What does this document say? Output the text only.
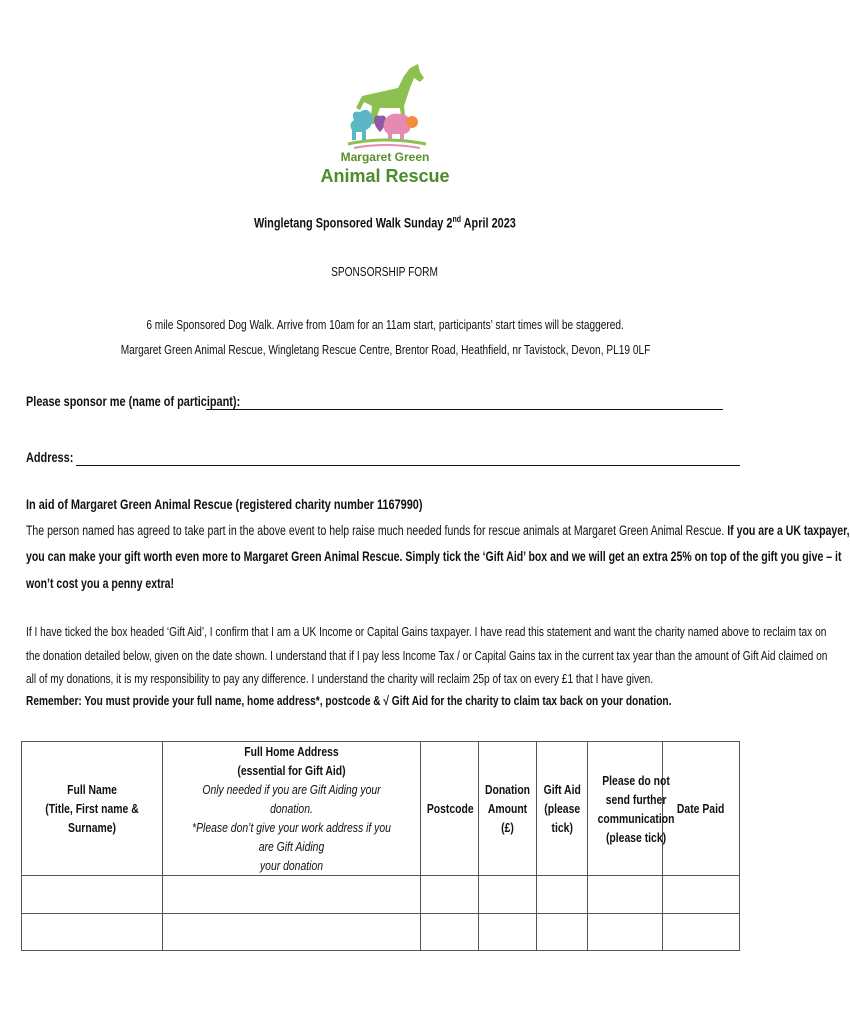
Margaret Green
Animal Rescue
Wingletang Sponsored Walk Sunday 2nd April 2023
SPONSORSHIP FORM
6 mile Sponsored Dog Walk. Arrive from 10am for an 11am start, participants’ start times will be staggered.
Margaret Green Animal Rescue, Wingletang Rescue Centre, Brentor Road, Heathfield, nr Tavistock, Devon, PL19 0LF
Please sponsor me (name of participant):
Address:
In aid of Margaret Green Animal Rescue (registered charity number 1167990)
The person named has agreed to take part in the above event to help raise much needed funds for rescue animals at Margaret Green Animal Rescue. If you are a UK taxpayer,
you can make your gift worth even more to Margaret Green Animal Rescue. Simply tick the ‘Gift Aid’ box and we will get an extra 25% on top of the gift you give – it
won’t cost you a penny extra!
If I have ticked the box headed ‘Gift Aid’, I confirm that I am a UK Income or Capital Gains taxpayer. I have read this statement and want the charity named above to reclaim tax on
the donation detailed below, given on the date shown. I understand that if I pay less Income Tax / or Capital Gains tax in the current tax year than the amount of Gift Aid claimed on
all of my donations, it is my responsibility to pay any difference. I understand the charity will reclaim 25p of tax on every £1 that I have given.
Remember: You must provide your full name, home address*, postcode & √ Gift Aid for the charity to claim tax back on your donation.
Full Name
(Title, First name & Surname)	Full Home Address
(essential for Gift Aid)
Only needed if you are Gift Aiding your donation.
*Please don’t give your work address if you are Gift Aiding
your donation	Postcode	Donation
Amount (£)	Gift Aid
(please
tick)	Please do not
send further
communication
(please tick)	Date Paid
